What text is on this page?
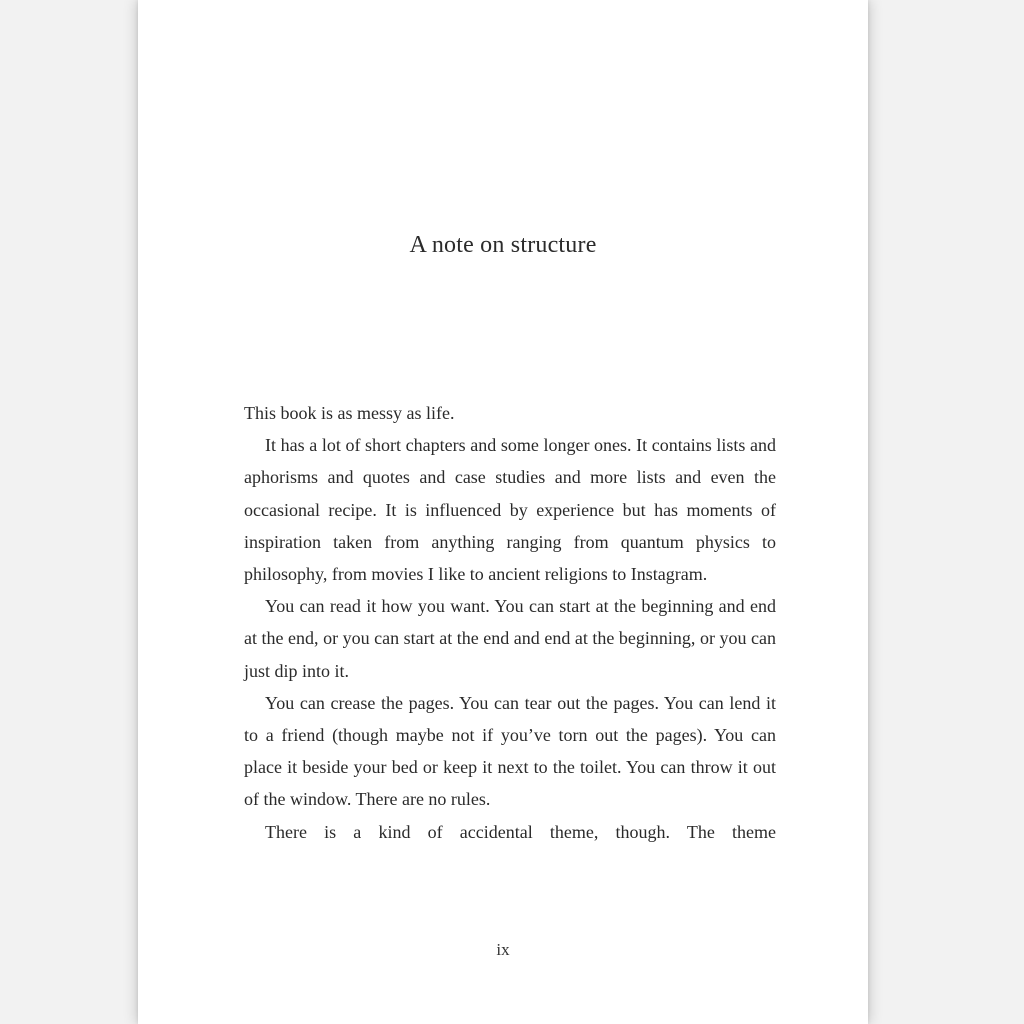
A note on structure

This book is as messy as life.

It has a lot of short chapters and some longer ones. It contains lists and aphorisms and quotes and case studies and more lists and even the occasional recipe. It is influenced by experience but has moments of inspiration taken from anything ranging from quantum physics to philosophy, from movies I like to ancient religions to Instagram.

You can read it how you want. You can start at the beginning and end at the end, or you can start at the end and end at the beginning, or you can just dip into it.

You can crease the pages. You can tear out the pages. You can lend it to a friend (though maybe not if you’ve torn out the pages). You can place it beside your bed or keep it next to the toilet. You can throw it out of the window. There are no rules.

There is a kind of accidental theme, though. The theme

ix
